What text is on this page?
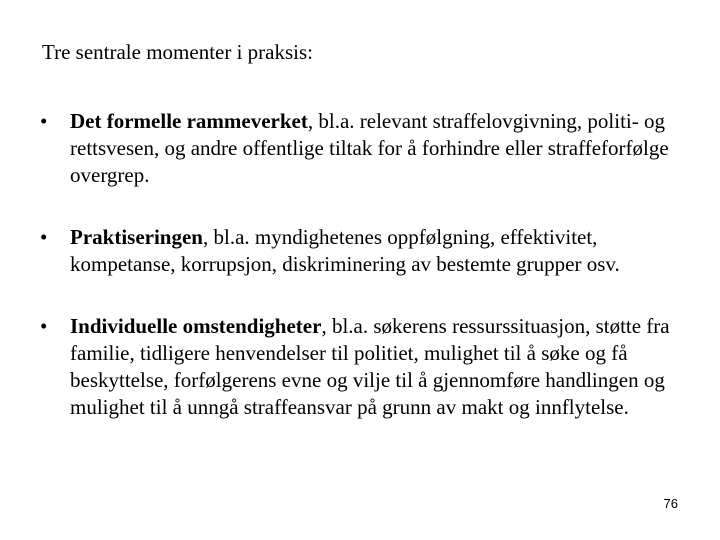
Tre sentrale momenter i praksis:
•	Det formelle rammeverket, bl.a. relevant straffelovgivning, politi- og rettsvesen, og andre offentlige tiltak for å forhindre eller straffeforfølge overgrep.
•	Praktiseringen, bl.a. myndighetenes oppfølgning, effektivitet, kompetanse, korrupsjon, diskriminering av bestemte grupper osv.
•	Individuelle omstendigheter, bl.a. søkerens ressurssituasjon, støtte fra familie, tidligere henvendelser til politiet, mulighet til å søke og få beskyttelse, forfølgerens evne og vilje til å gjennomføre handlingen og mulighet til å unngå straffeansvar på grunn av makt og innflytelse.
76
